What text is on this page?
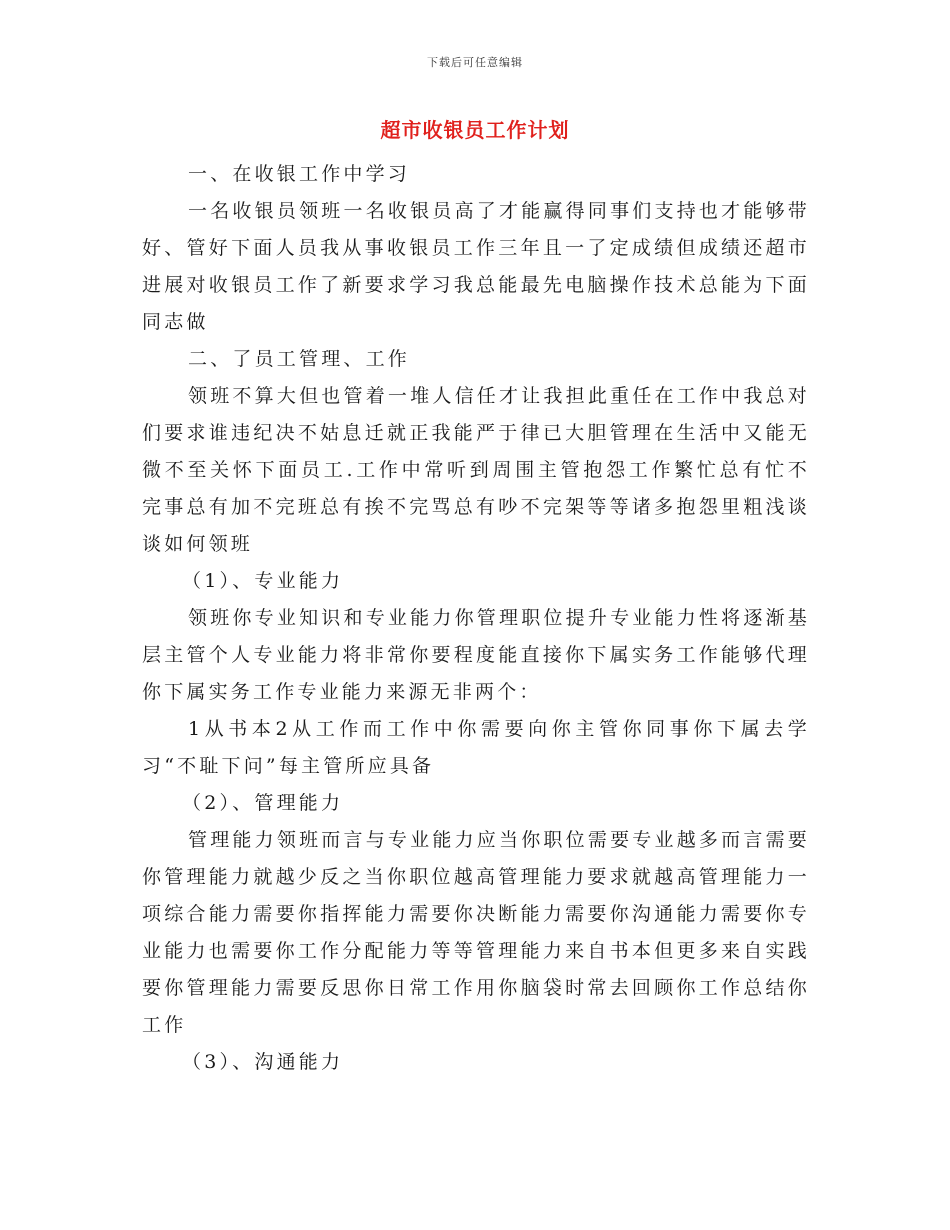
下载后可任意编辑
超市收银员工作计划

一、在收银工作中学习

一名收银员领班一名收银员高了才能赢得同事们支持也才能够带好、管好下面人员我从事收银员工作三年且一了定成绩但成绩还超市进展对收银员工作了新要求学习我总能最先电脑操作技术总能为下面同志做

二、了员工管理、工作

领班不算大但也管着一堆人信任才让我担此重任在工作中我总对们要求谁违纪决不姑息迁就正我能严于律已大胆管理在生活中又能无微不至关怀下面员工.工作中常听到周围主管抱怨工作繁忙总有忙不完事总有加不完班总有挨不完骂总有吵不完架等等诸多抱怨里粗浅谈谈如何领班

（1）、专业能力

领班你专业知识和专业能力你管理职位提升专业能力性将逐渐基层主管个人专业能力将非常你要程度能直接你下属实务工作能够代理你下属实务工作专业能力来源无非两个：

1从书本2从工作而工作中你需要向你主管你同事你下属去学习“不耻下问”每主管所应具备

（2）、管理能力

管理能力领班而言与专业能力应当你职位需要专业越多而言需要你管理能力就越少反之当你职位越高管理能力要求就越高管理能力一项综合能力需要你指挥能力需要你决断能力需要你沟通能力需要你专业能力也需要你工作分配能力等等管理能力来自书本但更多来自实践要你管理能力需要反思你日常工作用你脑袋时常去回顾你工作总结你工作

（3）、沟通能力
